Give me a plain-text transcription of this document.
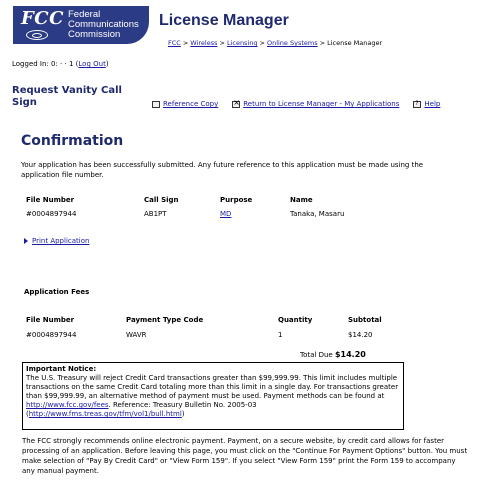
FCC Federal
Communications
Commission
License Manager
FCC > Wireless > Licensing > Online Systems > License Manager
Logged In: 0: · · 1 (Log Out)
Request Vanity Call
Sign	Reference Copy ×	Return to License Manager - My Applications ?	Help
Confirmation
Your application has been successfully submitted. Any future reference to this application must be made using the application file number.
File Number	Call Sign	Purpose	Name
#0004897944	AB1PT	MD	Tanaka, Masaru
Print Application
Application Fees
File Number	Payment Type Code	Quantity	Subtotal
#0004897944	WAVR	1	$14.20
Total Due $14.20
Important Notice:
The U.S. Treasury will reject Credit Card transactions greater than $99,999.99. This limit includes multiple transactions on the same Credit Card totaling more than this limit in a single day. For transactions greater than $99,999.99, an alternative method of payment must be used. Payment methods can be found at http://www.fcc.gov/fees. Reference: Treasury Bulletin No. 2005-03 (http://www.fms.treas.gov/tfm/vol1/bull.html)
The FCC strongly recommends online electronic payment. Payment, on a secure website, by credit card allows for faster processing of an application. Before leaving this page, you must click on the "Continue For Payment Options" button. You must make selection of "Pay By Credit Card" or "View Form 159". If you select "View Form 159" print the Form 159 to accompany any manual payment.
